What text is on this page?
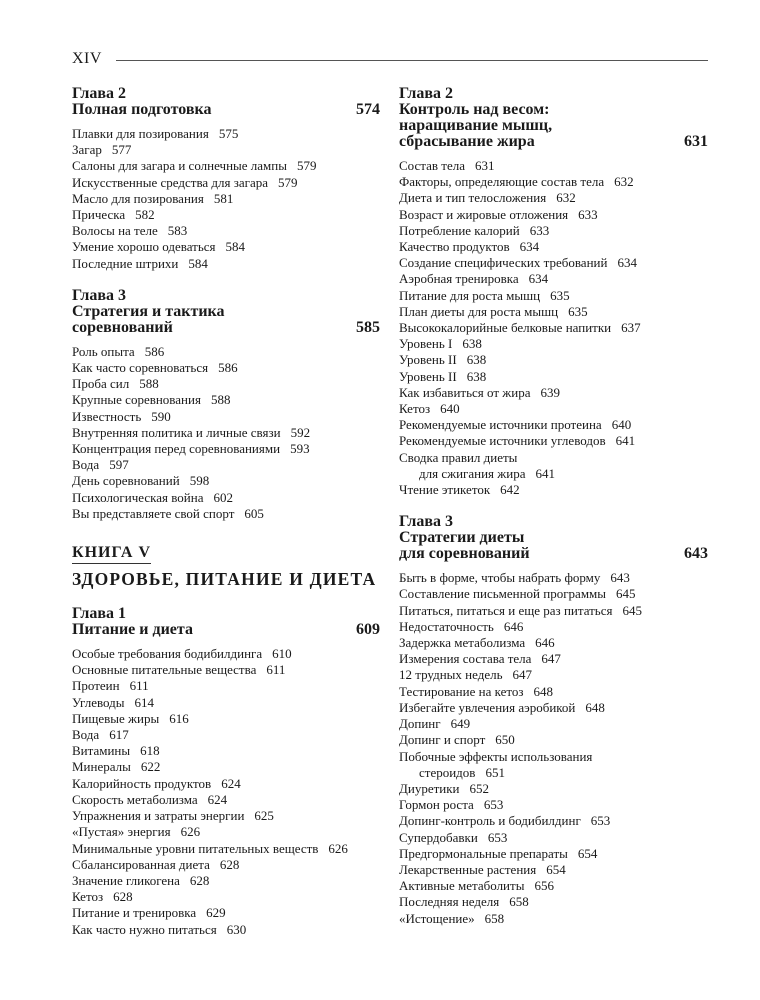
XIV
Глава 2
Полная подготовка	574
Плавки для позирования 575
Загар 577
Салоны для загара и солнечные лампы 579
Искусственные средства для загара 579
Масло для позирования 581
Прическа 582
Волосы на теле 583
Умение хорошо одеваться 584
Последние штрихи 584
Глава 3
Стратегия и тактика
соревнований	585
Роль опыта 586
Как часто соревноваться 586
Проба сил 588
Крупные соревнования 588
Известность 590
Внутренняя политика и личные связи 592
Концентрация перед соревнованиями 593
Вода 597
День соревнований 598
Психологическая война 602
Вы представляете свой спорт 605
КНИГА V
ЗДОРОВЬЕ, ПИТАНИЕ И ДИЕТА
Глава 1
Питание и диета	609
Особые требования бодибилдинга 610
Основные питательные вещества 611
Протеин 611
Углеводы 614
Пищевые жиры 616
Вода 617
Витамины 618
Минералы 622
Калорийность продуктов 624
Скорость метаболизма 624
Упражнения и затраты энергии 625
«Пустая» энергия 626
Минимальные уровни питательных веществ 626
Сбалансированная диета 628
Значение гликогена 628
Кетоз 628
Питание и тренировка 629
Как часто нужно питаться 630
Глава 2
Контроль над весом:
наращивание мышц,
сбрасывание жира	631
Состав тела 631
Факторы, определяющие состав тела 632
Диета и тип телосложения 632
Возраст и жировые отложения 633
Потребление калорий 633
Качество продуктов 634
Создание специфических требований 634
Аэробная тренировка 634
Питание для роста мышц 635
План диеты для роста мышц 635
Высококалорийные белковые напитки 637
Уровень I 638
Уровень II 638
Уровень II 638
Как избавиться от жира 639
Кетоз 640
Рекомендуемые источники протеина 640
Рекомендуемые источники углеводов 641
Сводка правил диеты
для сжигания жира 641
Чтение этикеток 642
Глава 3
Стратегии диеты
для соревнований	643
Быть в форме, чтобы набрать форму 643
Составление письменной программы 645
Питаться, питаться и еще раз питаться 645
Недостаточность 646
Задержка метаболизма 646
Измерения состава тела 647
12 трудных недель 647
Тестирование на кетоз 648
Избегайте увлечения аэробикой 648
Допинг 649
Допинг и спорт 650
Побочные эффекты использования
стероидов 651
Диуретики 652
Гормон роста 653
Допинг-контроль и бодибилдинг 653
Супердобавки 653
Предгормональные препараты 654
Лекарственные растения 654
Активные метаболиты 656
Последняя неделя 658
«Истощение» 658
